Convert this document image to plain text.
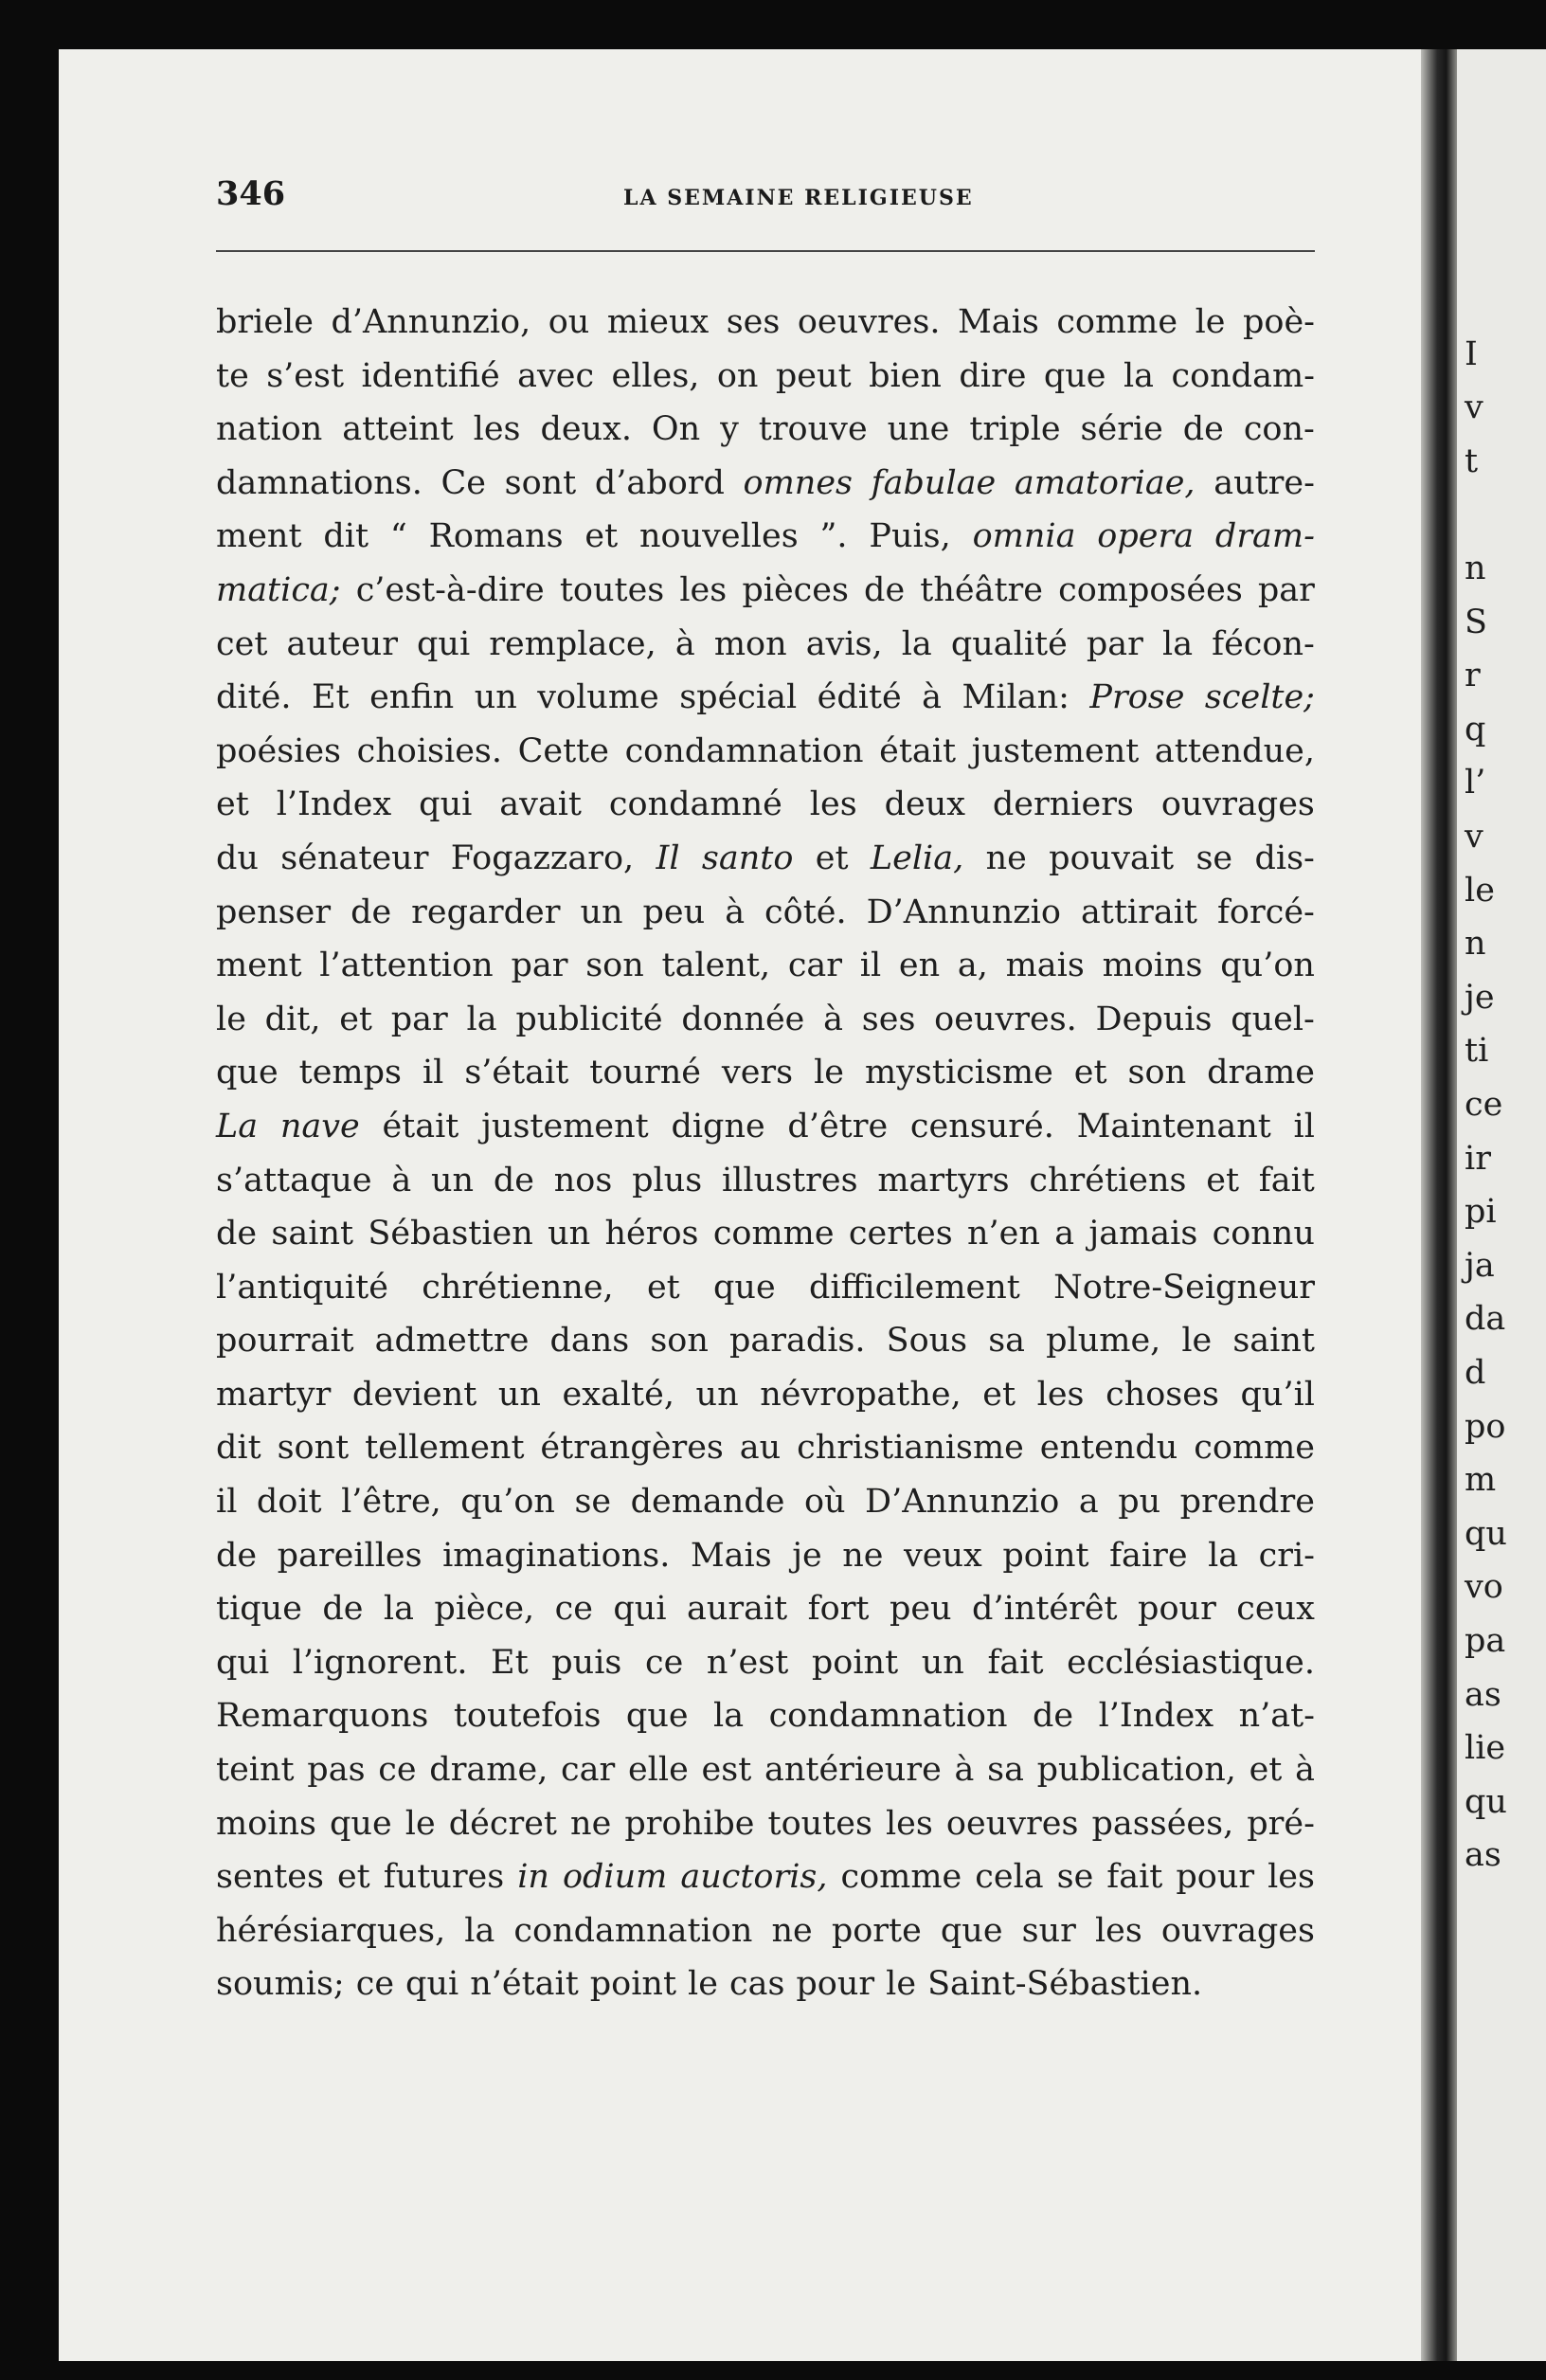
I
v
t
n
S
r
q
l’
v
le
n
je
ti
ce
ir
pi
ja
da
d
po
m
qu
vo
pa
as
lie
qu
as
346	LA SEMAINE RELIGIEUSE
briele d’Annunzio, ou mieux ses oeuvres. Mais comme le poè-
te s’est identifié avec elles, on peut bien dire que la condam-
nation atteint les deux. On y trouve une triple série de con-
damnations. Ce sont d’abord omnes fabulae amatoriae, autre-
ment dit “ Romans et nouvelles ”. Puis, omnia opera dram-
matica; c’est-à-dire toutes les pièces de théâtre composées par
cet auteur qui remplace, à mon avis, la qualité par la fécon-
dité. Et enfin un volume spécial édité à Milan: Prose scelte;
poésies choisies. Cette condamnation était justement attendue,
et l’Index qui avait condamné les deux derniers ouvrages
du sénateur Fogazzaro, Il santo et Lelia, ne pouvait se dis-
penser de regarder un peu à côté. D’Annunzio attirait forcé-
ment l’attention par son talent, car il en a, mais moins qu’on
le dit, et par la publicité donnée à ses oeuvres. Depuis quel-
que temps il s’était tourné vers le mysticisme et son drame
La nave était justement digne d’être censuré. Maintenant il
s’attaque à un de nos plus illustres martyrs chrétiens et fait
de saint Sébastien un héros comme certes n’en a jamais connu
l’antiquité chrétienne, et que difficilement Notre-Seigneur
pourrait admettre dans son paradis. Sous sa plume, le saint
martyr devient un exalté, un névropathe, et les choses qu’il
dit sont tellement étrangères au christianisme entendu comme
il doit l’être, qu’on se demande où D’Annunzio a pu prendre
de pareilles imaginations. Mais je ne veux point faire la cri-
tique de la pièce, ce qui aurait fort peu d’intérêt pour ceux
qui l’ignorent. Et puis ce n’est point un fait ecclésiastique.
Remarquons toutefois que la condamnation de l’Index n’at-
teint pas ce drame, car elle est antérieure à sa publication, et à
moins que le décret ne prohibe toutes les oeuvres passées, pré-
sentes et futures in odium auctoris, comme cela se fait pour les
hérésiarques, la condamnation ne porte que sur les ouvrages
soumis; ce qui n’était point le cas pour le Saint-Sébastien.
